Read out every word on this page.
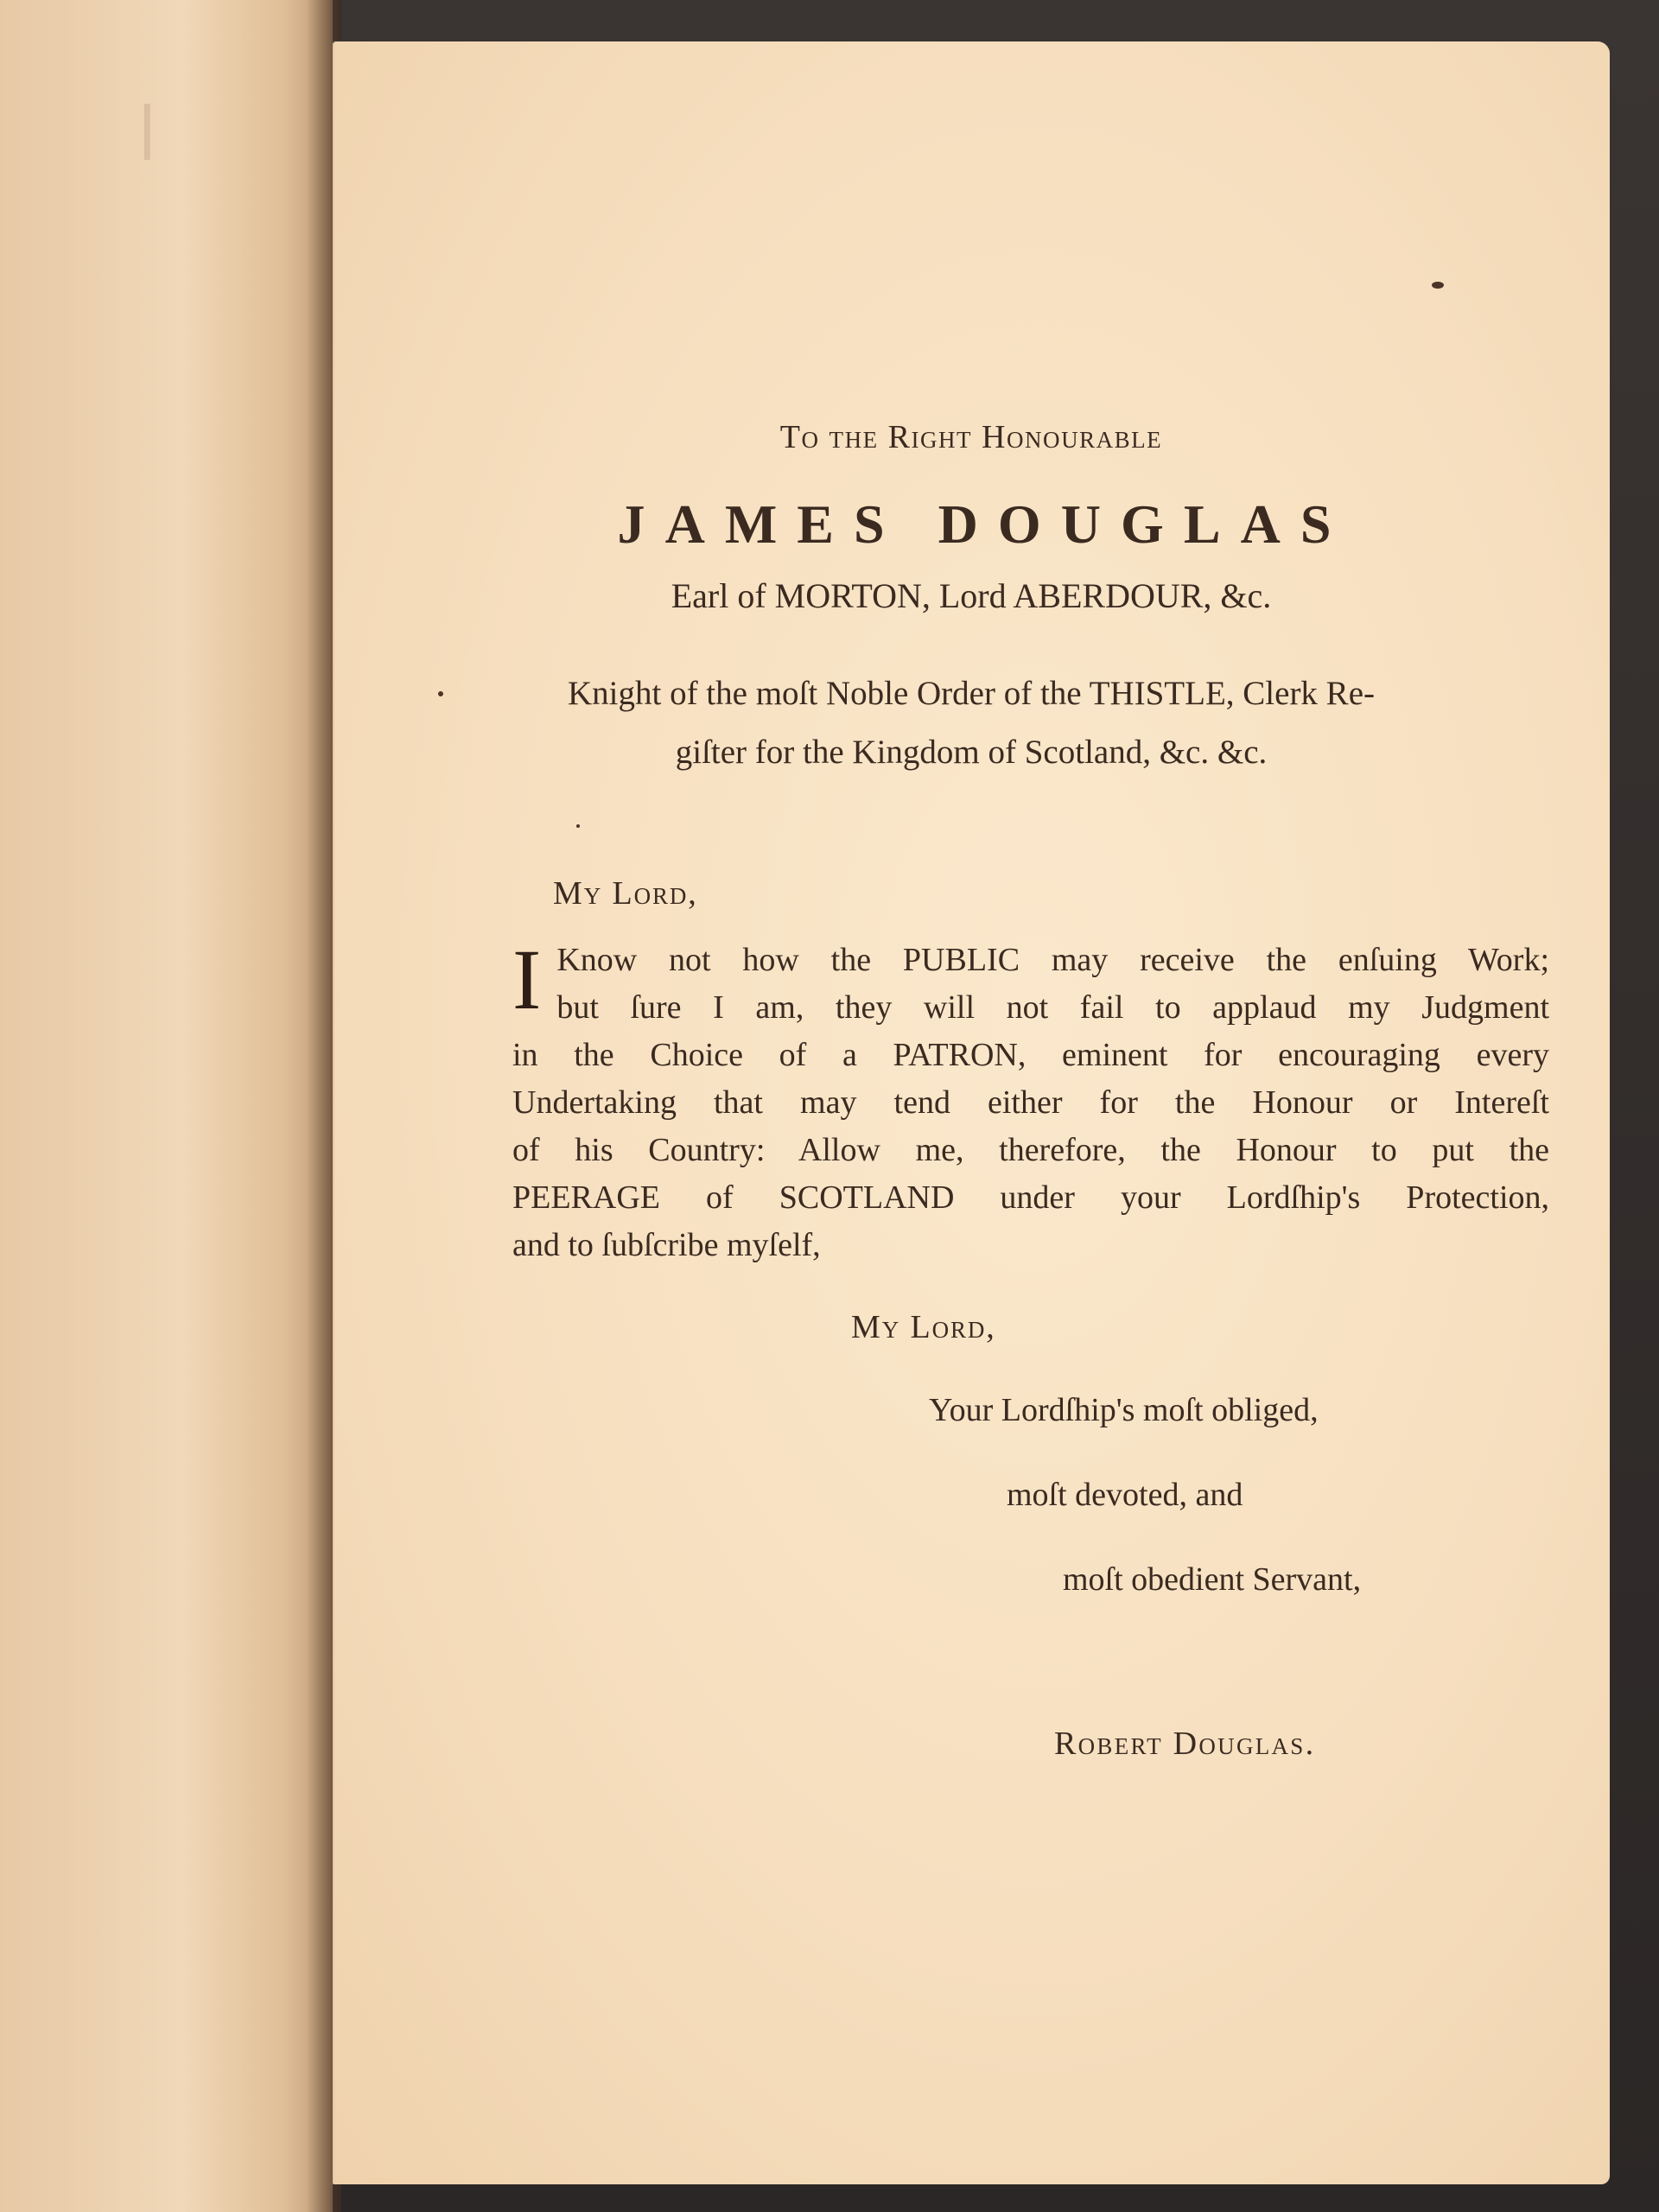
ꟾ
To the Right Honourable
JAMES DOUGLAS
Earl of MORTON, Lord ABERDOUR, &c.
Knight of the moſt Noble Order of the THISTLE, Clerk Re-
giſter for the Kingdom of Scotland, &c. &c.
My Lord,
I Know not how the PUBLIC may receive the enſuing Work;
but ſure I am, they will not fail to applaud my Judgment
in the Choice of a PATRON, eminent for encouraging every
Undertaking that may tend either for the Honour or Intereſt
of his Country: Allow me, therefore, the Honour to put the
PEERAGE of SCOTLAND under your Lordſhip's Protection,
and to ſubſcribe myſelf,
My Lord,
Your Lordſhip's moſt obliged,
moſt devoted, and
moſt obedient Servant,
Robert Douglas.
